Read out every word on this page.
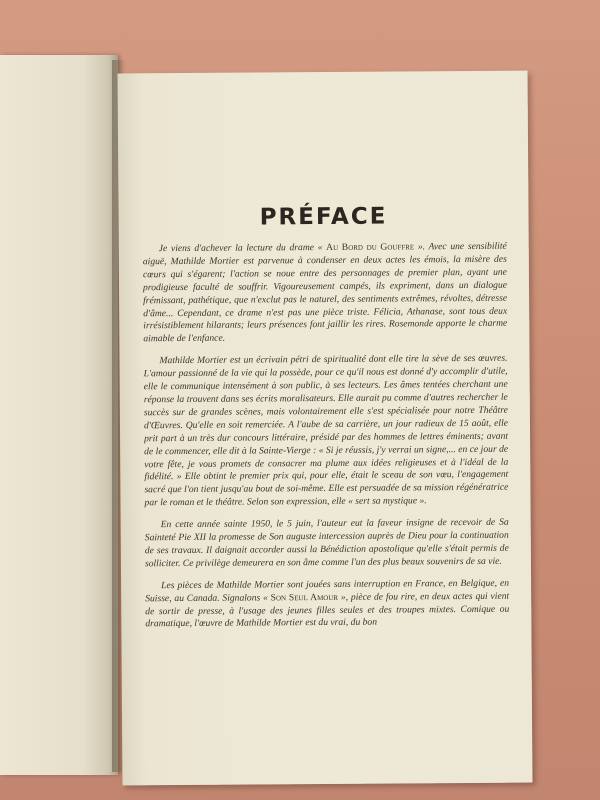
PRÉFACE

Je viens d'achever la lecture du drame « Au Bord du Gouffre ». Avec une sensibilité aiguë, Mathilde Mortier est parvenue à condenser en deux actes les émois, la misère des cœurs qui s'égarent; l'action se noue entre des personnages de premier plan, ayant une prodigieuse faculté de souffrir. Vigoureusement campés, ils expriment, dans un dialogue frémissant, pathétique, que n'exclut pas le naturel, des sentiments extrêmes, révoltes, détresse d'âme... Cependant, ce drame n'est pas une pièce triste. Félicia, Athanase, sont tous deux irrésistiblement hilarants; leurs présences font jaillir les rires. Rosemonde apporte le charme aimable de l'enfance.

Mathilde Mortier est un écrivain pétri de spiritualité dont elle tire la sève de ses œuvres. L'amour passionné de la vie qui la possède, pour ce qu'il nous est donné d'y accomplir d'utile, elle le communique intensément à son public, à ses lecteurs. Les âmes tentées cherchant une réponse la trouvent dans ses écrits moralisateurs. Elle aurait pu comme d'autres rechercher le succès sur de grandes scènes, mais volontairement elle s'est spécialisée pour notre Théâtre d'Œuvres. Qu'elle en soit remerciée. A l'aube de sa carrière, un jour radieux de 15 août, elle prit part à un très dur concours littéraire, présidé par des hommes de lettres éminents; avant de le commencer, elle dit à la Sainte-Vierge : « Si je réussis, j'y verrai un signe,... en ce jour de votre fête, je vous promets de consacrer ma plume aux idées religieuses et à l'idéal de la fidélité. » Elle obtint le premier prix qui, pour elle, était le sceau de son vœu, l'engagement sacré que l'on tient jusqu'au bout de soi-même. Elle est persuadée de sa mission régénératrice par le roman et le théâtre. Selon son expression, elle « sert sa mystique ».

En cette année sainte 1950, le 5 juin, l'auteur eut la faveur insigne de recevoir de Sa Sainteté Pie XII la promesse de Son auguste intercession auprès de Dieu pour la continuation de ses travaux. Il daignait accorder aussi la Bénédiction apostolique qu'elle s'était permis de solliciter. Ce privilège demeurera en son âme comme l'un des plus beaux souvenirs de sa vie.

Les pièces de Mathilde Mortier sont jouées sans interruption en France, en Belgique, en Suisse, au Canada. Signalons « Son Seul Amour », pièce de fou rire, en deux actes qui vient de sortir de presse, à l'usage des jeunes filles seules et des troupes mixtes. Comique ou dramatique, l'œuvre de Mathilde Mortier est du vrai, du bon
